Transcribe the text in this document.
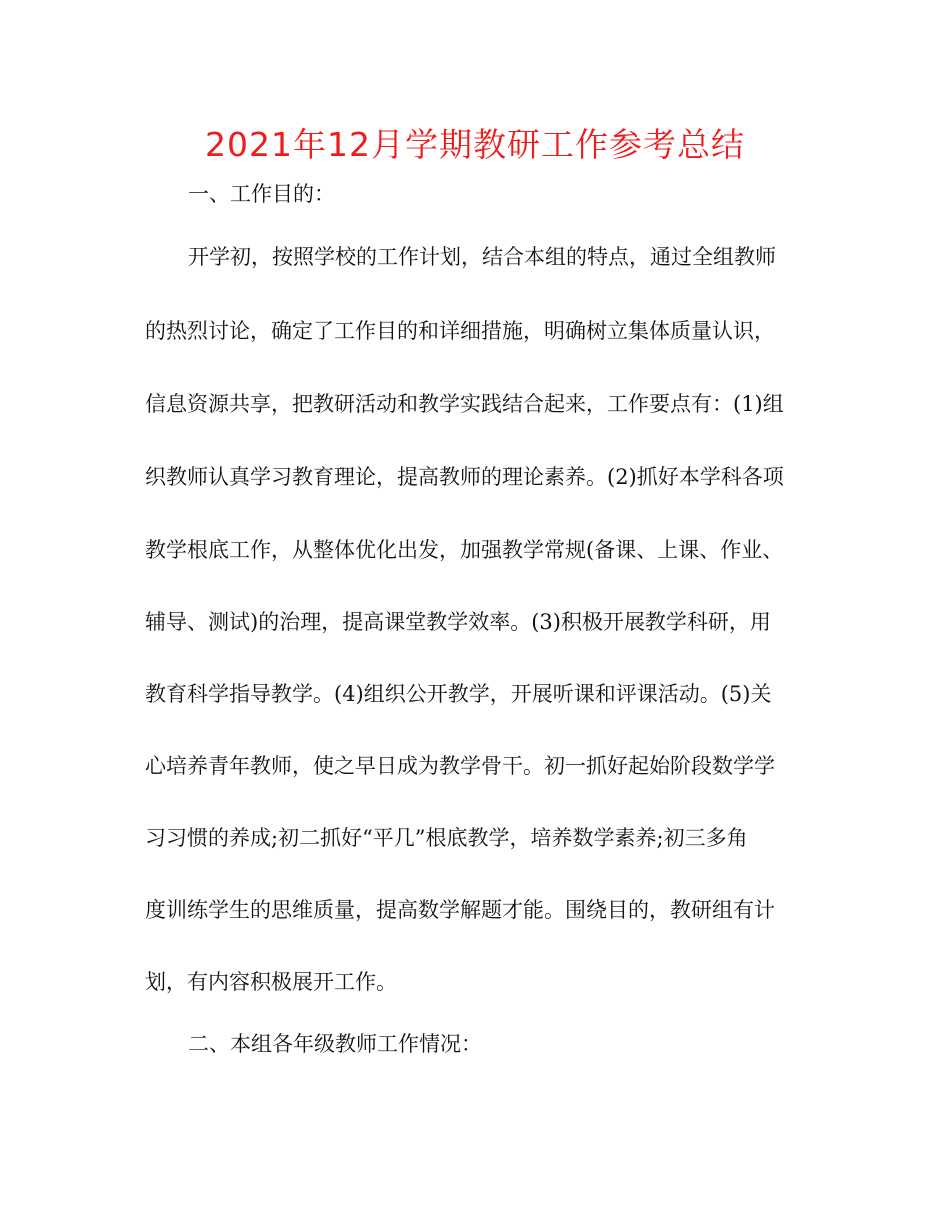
2021年12月学期教研工作参考总结
一、工作目的：
开学初，按照学校的工作计划，结合本组的特点，通过全组教师
的热烈讨论，确定了工作目的和详细措施，明确树立集体质量认识，
信息资源共享，把教研活动和教学实践结合起来，工作要点有：(1)组
织教师认真学习教育理论，提高教师的理论素养。(2)抓好本学科各项
教学根底工作，从整体优化出发，加强教学常规(备课、上课、作业、
辅导、测试)的治理，提高课堂教学效率。(3)积极开展教学科研，用
教育科学指导教学。(4)组织公开教学，开展听课和评课活动。(5)关
心培养青年教师，使之早日成为教学骨干。初一抓好起始阶段数学学
习习惯的养成;初二抓好“平几”根底教学，培养数学素养;初三多角
度训练学生的思维质量，提高数学解题才能。围绕目的，教研组有计
划，有内容积极展开工作。
二、本组各年级教师工作情况：
